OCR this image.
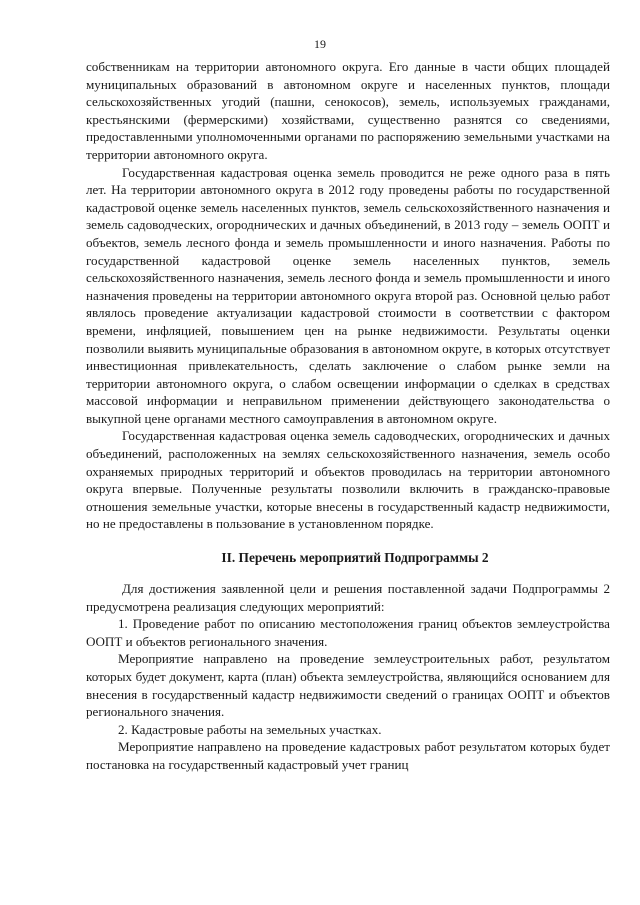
19

собственникам на территории автономного округа. Его данные в части общих площадей муниципальных образований в автономном округе и населенных пунктов, площади сельскохозяйственных угодий (пашни, сенокосов), земель, используемых гражданами, крестьянскими (фермерскими) хозяйствами, существенно разнятся со сведениями, предоставленными уполномоченными органами по распоряжению земельными участками на территории автономного округа.

Государственная кадастровая оценка земель проводится не реже одного раза в пять лет. На территории автономного округа в 2012 году проведены работы по государственной кадастровой оценке земель населенных пунктов, земель сельскохозяйственного назначения и земель садоводческих, огороднических и дачных объединений, в 2013 году – земель ООПТ и объектов, земель лесного фонда и земель промышленности и иного назначения. Работы по государственной кадастровой оценке земель населенных пунктов, земель сельскохозяйственного назначения, земель лесного фонда и земель промышленности и иного назначения проведены на территории автономного округа второй раз. Основной целью работ являлось проведение актуализации кадастровой стоимости в соответствии с фактором времени, инфляцией, повышением цен на рынке недвижимости. Результаты оценки позволили выявить муниципальные образования в автономном округе, в которых отсутствует инвестиционная привлекательность, сделать заключение о слабом рынке земли на территории автономного округа, о слабом освещении информации о сделках в средствах массовой информации и неправильном применении действующего законодательства о выкупной цене органами местного самоуправления в автономном округе.

Государственная кадастровая оценка земель садоводческих, огороднических и дачных объединений, расположенных на землях сельскохозяйственного назначения, земель особо охраняемых природных территорий и объектов проводилась на территории автономного округа впервые. Полученные результаты позволили включить в гражданско-правовые отношения земельные участки, которые внесены в государственный кадастр недвижимости, но не предоставлены в пользование в установленном порядке.

II. Перечень мероприятий Подпрограммы 2

Для достижения заявленной цели и решения поставленной задачи Подпрограммы 2 предусмотрена реализация следующих мероприятий:

1. Проведение работ по описанию местоположения границ объектов землеустройства ООПТ и объектов регионального значения.

Мероприятие направлено на проведение землеустроительных работ, результатом которых будет документ, карта (план) объекта землеустройства, являющийся основанием для внесения в государственный кадастр недвижимости сведений о границах ООПТ и объектов регионального значения.

2. Кадастровые работы на земельных участках.

Мероприятие направлено на проведение кадастровых работ результатом которых будет постановка на государственный кадастровый учет границ
